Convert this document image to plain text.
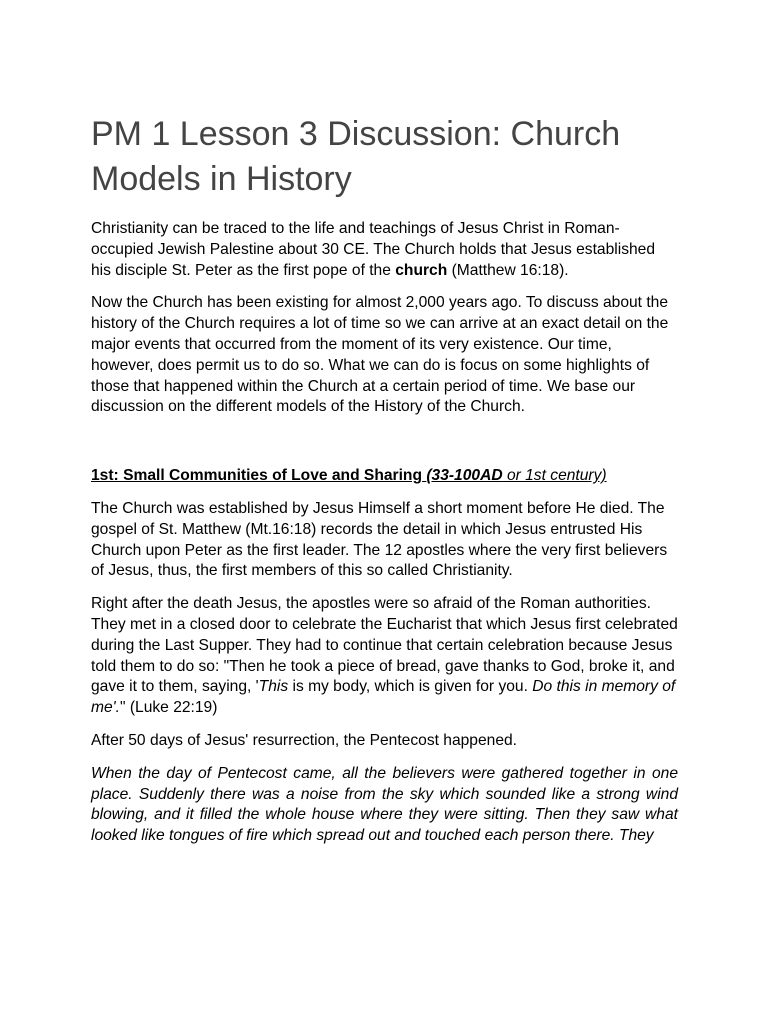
PM 1 Lesson 3 Discussion: Church Models in History

Christianity can be traced to the life and teachings of Jesus Christ in Roman-occupied Jewish Palestine about 30 CE. The Church holds that Jesus established his disciple St. Peter as the first pope of the church (Matthew 16:18).

Now the Church has been existing for almost 2,000 years ago. To discuss about the history of the Church requires a lot of time so we can arrive at an exact detail on the major events that occurred from the moment of its very existence. Our time, however, does permit us to do so. What we can do is focus on some highlights of those that happened within the Church at a certain period of time. We base our discussion on the different models of the History of the Church.

1st: Small Communities of Love and Sharing (33-100AD or 1st century)

The Church was established by Jesus Himself a short moment before He died. The gospel of St. Matthew (Mt.16:18) records the detail in which Jesus entrusted His Church upon Peter as the first leader. The 12 apostles where the very first believers of Jesus, thus, the first members of this so called Christianity.

Right after the death Jesus, the apostles were so afraid of the Roman authorities. They met in a closed door to celebrate the Eucharist that which Jesus first celebrated during the Last Supper. They had to continue that certain celebration because Jesus told them to do so: "Then he took a piece of bread, gave thanks to God, broke it, and gave it to them, saying, 'This is my body, which is given for you. Do this in memory of me'." (Luke 22:19)

After 50 days of Jesus' resurrection, the Pentecost happened.

When the day of Pentecost came, all the believers were gathered together in one place. Suddenly there was a noise from the sky which sounded like a strong wind blowing, and it filled the whole house where they were sitting. Then they saw what looked like tongues of fire which spread out and touched each person there. They
